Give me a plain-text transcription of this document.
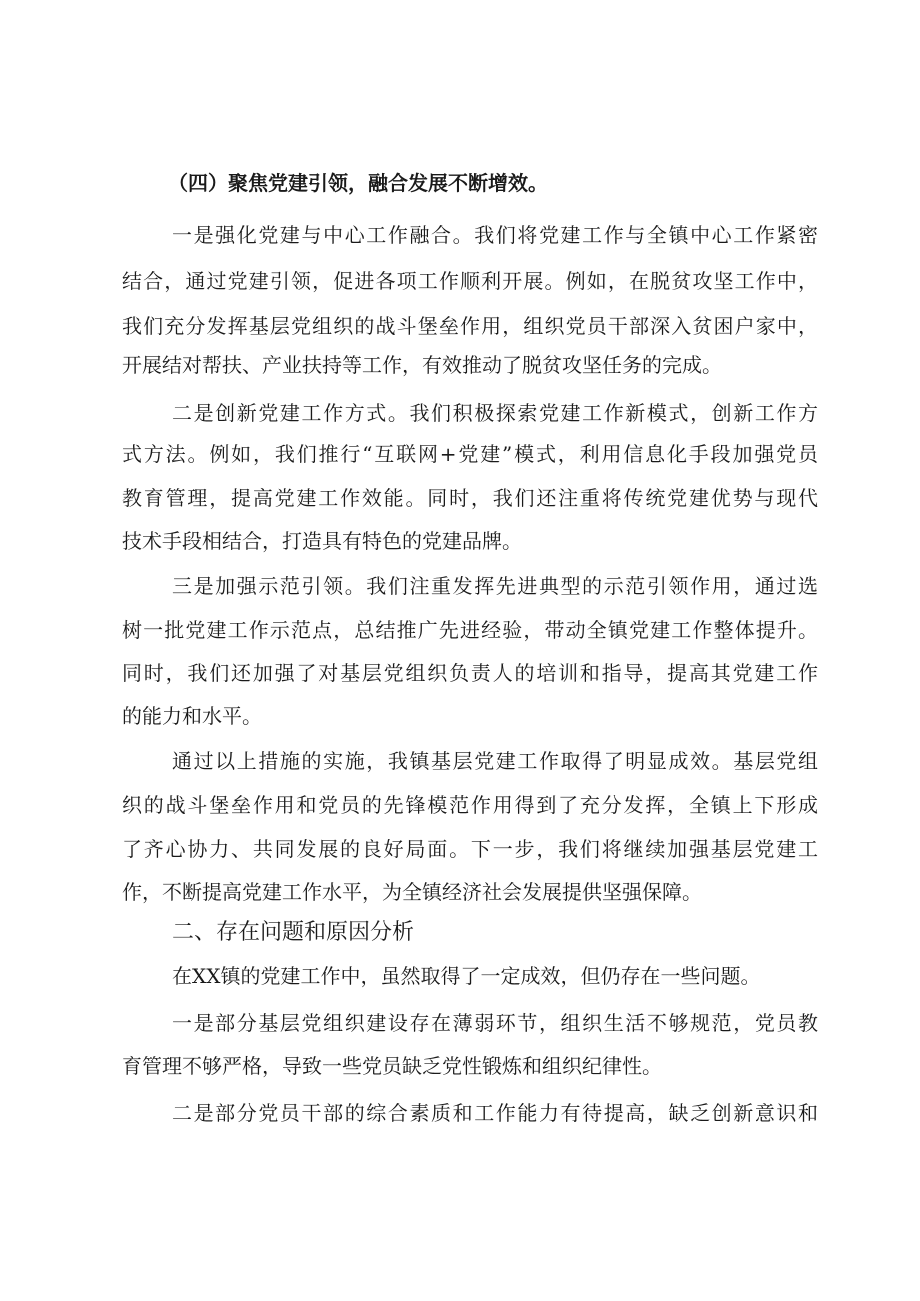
（四）聚焦党建引领，融合发展不断增效。
一是强化党建与中心工作融合。我们将党建工作与全镇中心工作紧密
结合，通过党建引领，促进各项工作顺利开展。例如，在脱贫攻坚工作中，
我们充分发挥基层党组织的战斗堡垒作用，组织党员干部深入贫困户家中，
开展结对帮扶、产业扶持等工作，有效推动了脱贫攻坚任务的完成。
二是创新党建工作方式。我们积极探索党建工作新模式，创新工作方
式方法。例如，我们推行“互联网+党建”模式，利用信息化手段加强党员
教育管理，提高党建工作效能。同时，我们还注重将传统党建优势与现代
技术手段相结合，打造具有特色的党建品牌。
三是加强示范引领。我们注重发挥先进典型的示范引领作用，通过选
树一批党建工作示范点，总结推广先进经验，带动全镇党建工作整体提升。
同时，我们还加强了对基层党组织负责人的培训和指导，提高其党建工作
的能力和水平。
通过以上措施的实施，我镇基层党建工作取得了明显成效。基层党组
织的战斗堡垒作用和党员的先锋模范作用得到了充分发挥，全镇上下形成
了齐心协力、共同发展的良好局面。下一步，我们将继续加强基层党建工
作，不断提高党建工作水平，为全镇经济社会发展提供坚强保障。
二、存在问题和原因分析
在XX镇的党建工作中，虽然取得了一定成效，但仍存在一些问题。
一是部分基层党组织建设存在薄弱环节，组织生活不够规范，党员教
育管理不够严格，导致一些党员缺乏党性锻炼和组织纪律性。
二是部分党员干部的综合素质和工作能力有待提高，缺乏创新意识和
